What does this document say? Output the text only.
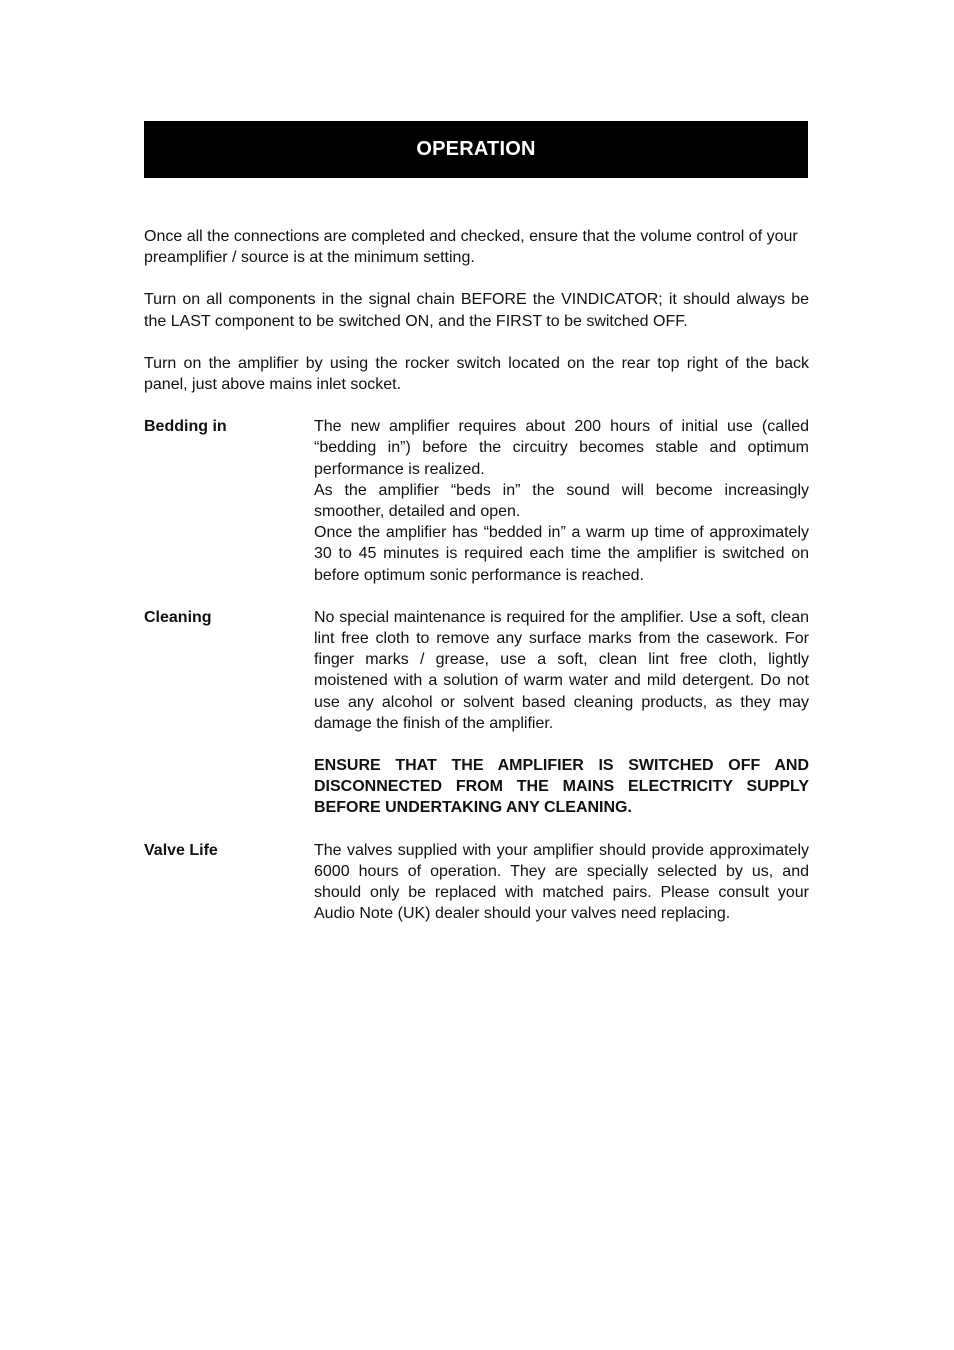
OPERATION

Once all the connections are completed and checked, ensure that the volume control of your preamplifier / source is at the minimum setting.

Turn on all components in the signal chain BEFORE the VINDICATOR; it should always be the LAST component to be switched ON, and the FIRST to be switched OFF.

Turn on the amplifier by using the rocker switch located on the rear top right of the back panel, just above mains inlet socket.

Bedding in	The new amplifier requires about 200 hours of initial use (called “bedding in”) before the circuitry becomes stable and optimum performance is realized.

As the amplifier “beds in” the sound will become increasingly smoother, detailed and open.

Once the amplifier has “bedded in” a warm up time of approximately 30 to 45 minutes is required each time the amplifier is switched on before optimum sonic performance is reached.

Cleaning	No special maintenance is required for the amplifier. Use a soft, clean lint free cloth to remove any surface marks from the casework. For finger marks / grease, use a soft, clean lint free cloth, lightly moistened with a solution of warm water and mild detergent. Do not use any alcohol or solvent based cleaning products, as they may damage the finish of the amplifier.

ENSURE THAT THE AMPLIFIER IS SWITCHED OFF AND DISCONNECTED FROM THE MAINS ELECTRICITY SUPPLY BEFORE UNDERTAKING ANY CLEANING.

Valve Life	The valves supplied with your amplifier should provide approximately 6000 hours of operation. They are specially selected by us, and should only be replaced with matched pairs. Please consult your Audio Note (UK) dealer should your valves need replacing.
